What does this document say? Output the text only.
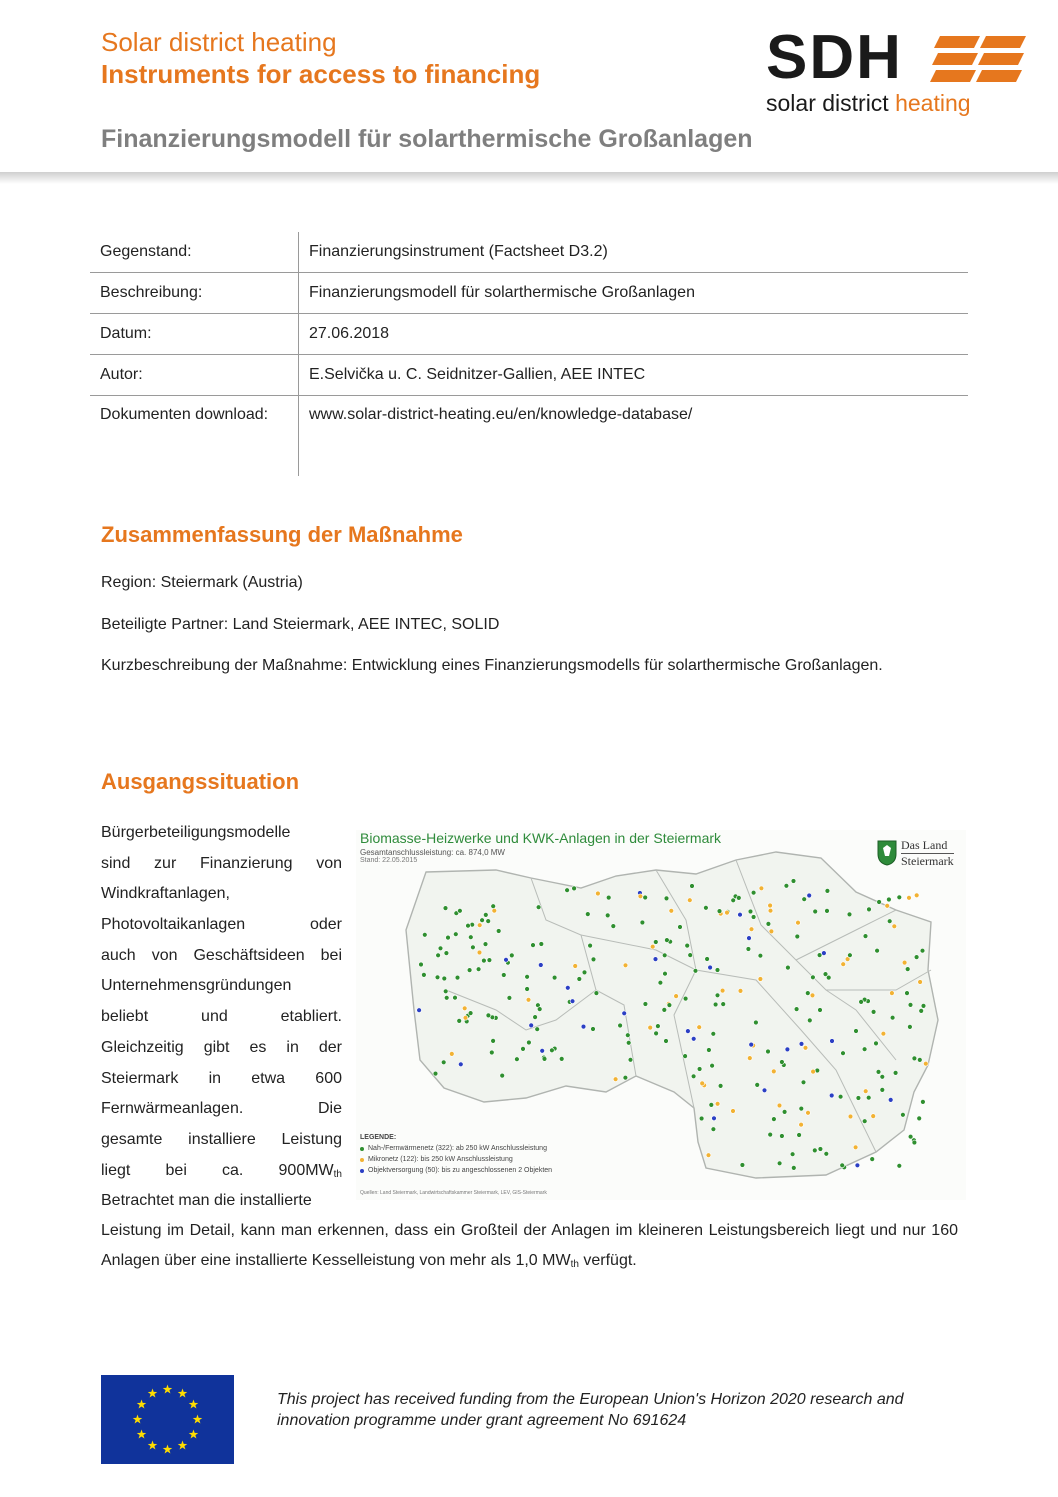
Solar district heating
Instruments for access to financing
Finanzierungsmodell für solarthermische Großanlagen
SDH
solar district heating
Gegenstand:	Finanzierungsinstrument (Factsheet D3.2)
Beschreibung:	Finanzierungsmodell für solarthermische Großanlagen
Datum:	27.06.2018
Autor:	E.Selvička u. C. Seidnitzer-Gallien, AEE INTEC
Dokumenten download:	www.solar-district-heating.eu/en/knowledge-database/
Zusammenfassung der Maßnahme
Region: Steiermark (Austria)
Beteiligte Partner: Land Steiermark, AEE INTEC, SOLID
Kurzbeschreibung der Maßnahme: Entwicklung eines Finanzierungsmodells für solarthermische Großanlagen.
Ausgangssituation
Bürgerbeteiligungsmodelle
sind zur Finanzierung von
Windkraftanlagen,
Photovoltaikanlagen oder
auch von Geschäftsideen bei
Unternehmensgründungen
beliebt und etabliert.
Gleichzeitig gibt es in der
Steiermark in etwa 600
Fernwärmeanlagen. Die
gesamte installiere Leistung
liegt bei ca. $900MW_{th}$
Betrachtet man die installierte
Leistung im Detail, kann man erkennen, dass ein Großteil der Anlagen im kleineren Leistungsbereich liegt und nur 160 Anlagen über eine installierte Kesselleistung von mehr als 1,0 $MW_{th}$ verfügt.
Biomasse-Heizwerke und KWK-Anlagen in der Steiermark
Gesamtanschlussleistung: ca. 874,0 MW
Stand: 22.05.2015
Das Land
Steiermark
LEGENDE:
Nah-/Fernwärmenetz (322): ab 250 kW Anschlussleistung
Mikronetz (122): bis 250 kW Anschlussleistung
Objektversorgung (50): bis zu angeschlossenen 2 Objekten
Quellen: Land Steiermark, Landwirtschaftskammer Steiermark, LEV, GIS-Steiermark
This project has received funding from the European Union's Horizon 2020 research and innovation programme under grant agreement No 691624
